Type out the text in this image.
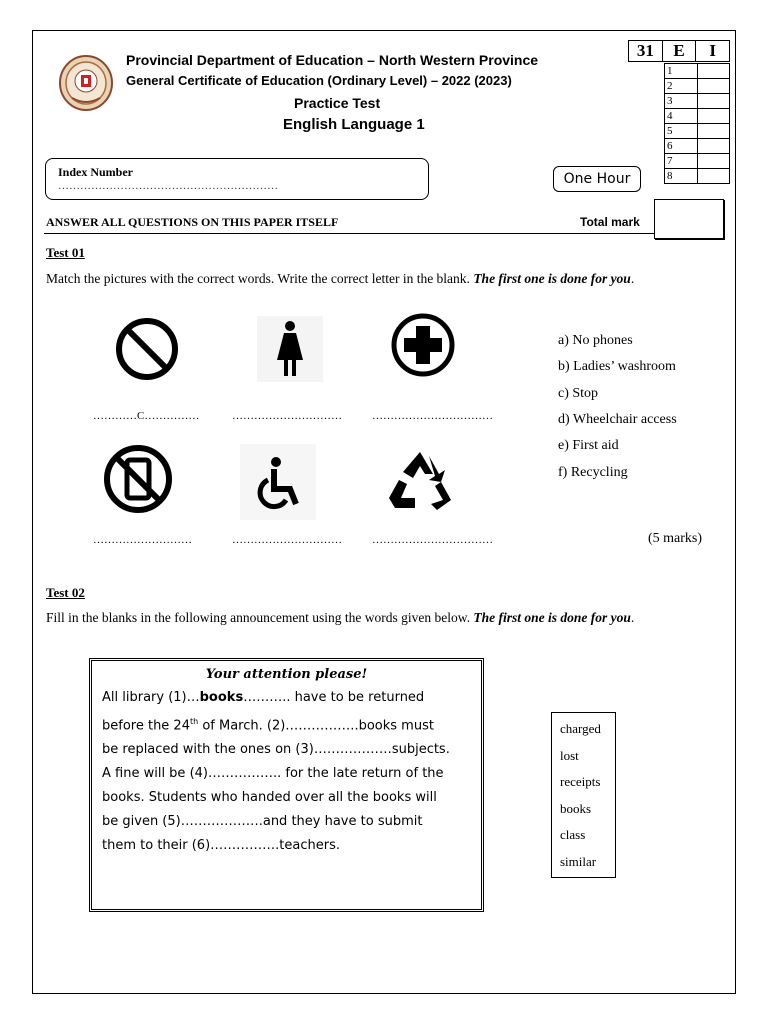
Provincial Department of Education – North Western Province
General Certificate of Education (Ordinary Level) – 2022 (2023)
Practice Test
English Language 1
31	E	I
1	
2	
3	
4	
5	
6	
7	
8	
Index Number
……………………………………………………	One Hour
ANSWER ALL QUESTIONS ON THIS PAPER ITSELF	Total mark
Test 01
Match the pictures with the correct words. Write the correct letter in the blank. The first one is done for you.
…………C……………	…………………………	……………………………
………………………	…………………………	……………………………
a) No phones
b) Ladies’ washroom
c) Stop
d) Wheelchair access
e) First aid
f) Recycling
(5 marks)
Test 02
Fill in the blanks in the following announcement using the words given below. The first one is done for you.
Your attention please!
All library (1)…books……….. have to be returned
before the 24th of March. (2)……………..books must
be replaced with the ones on (3)………………subjects.
A fine will be (4)…………….. for the late return of the
books. Students who handed over all the books will
be given (5)……………….and they have to submit
them to their (6)…………….teachers.
charged
lost
receipts
books
class
similar
